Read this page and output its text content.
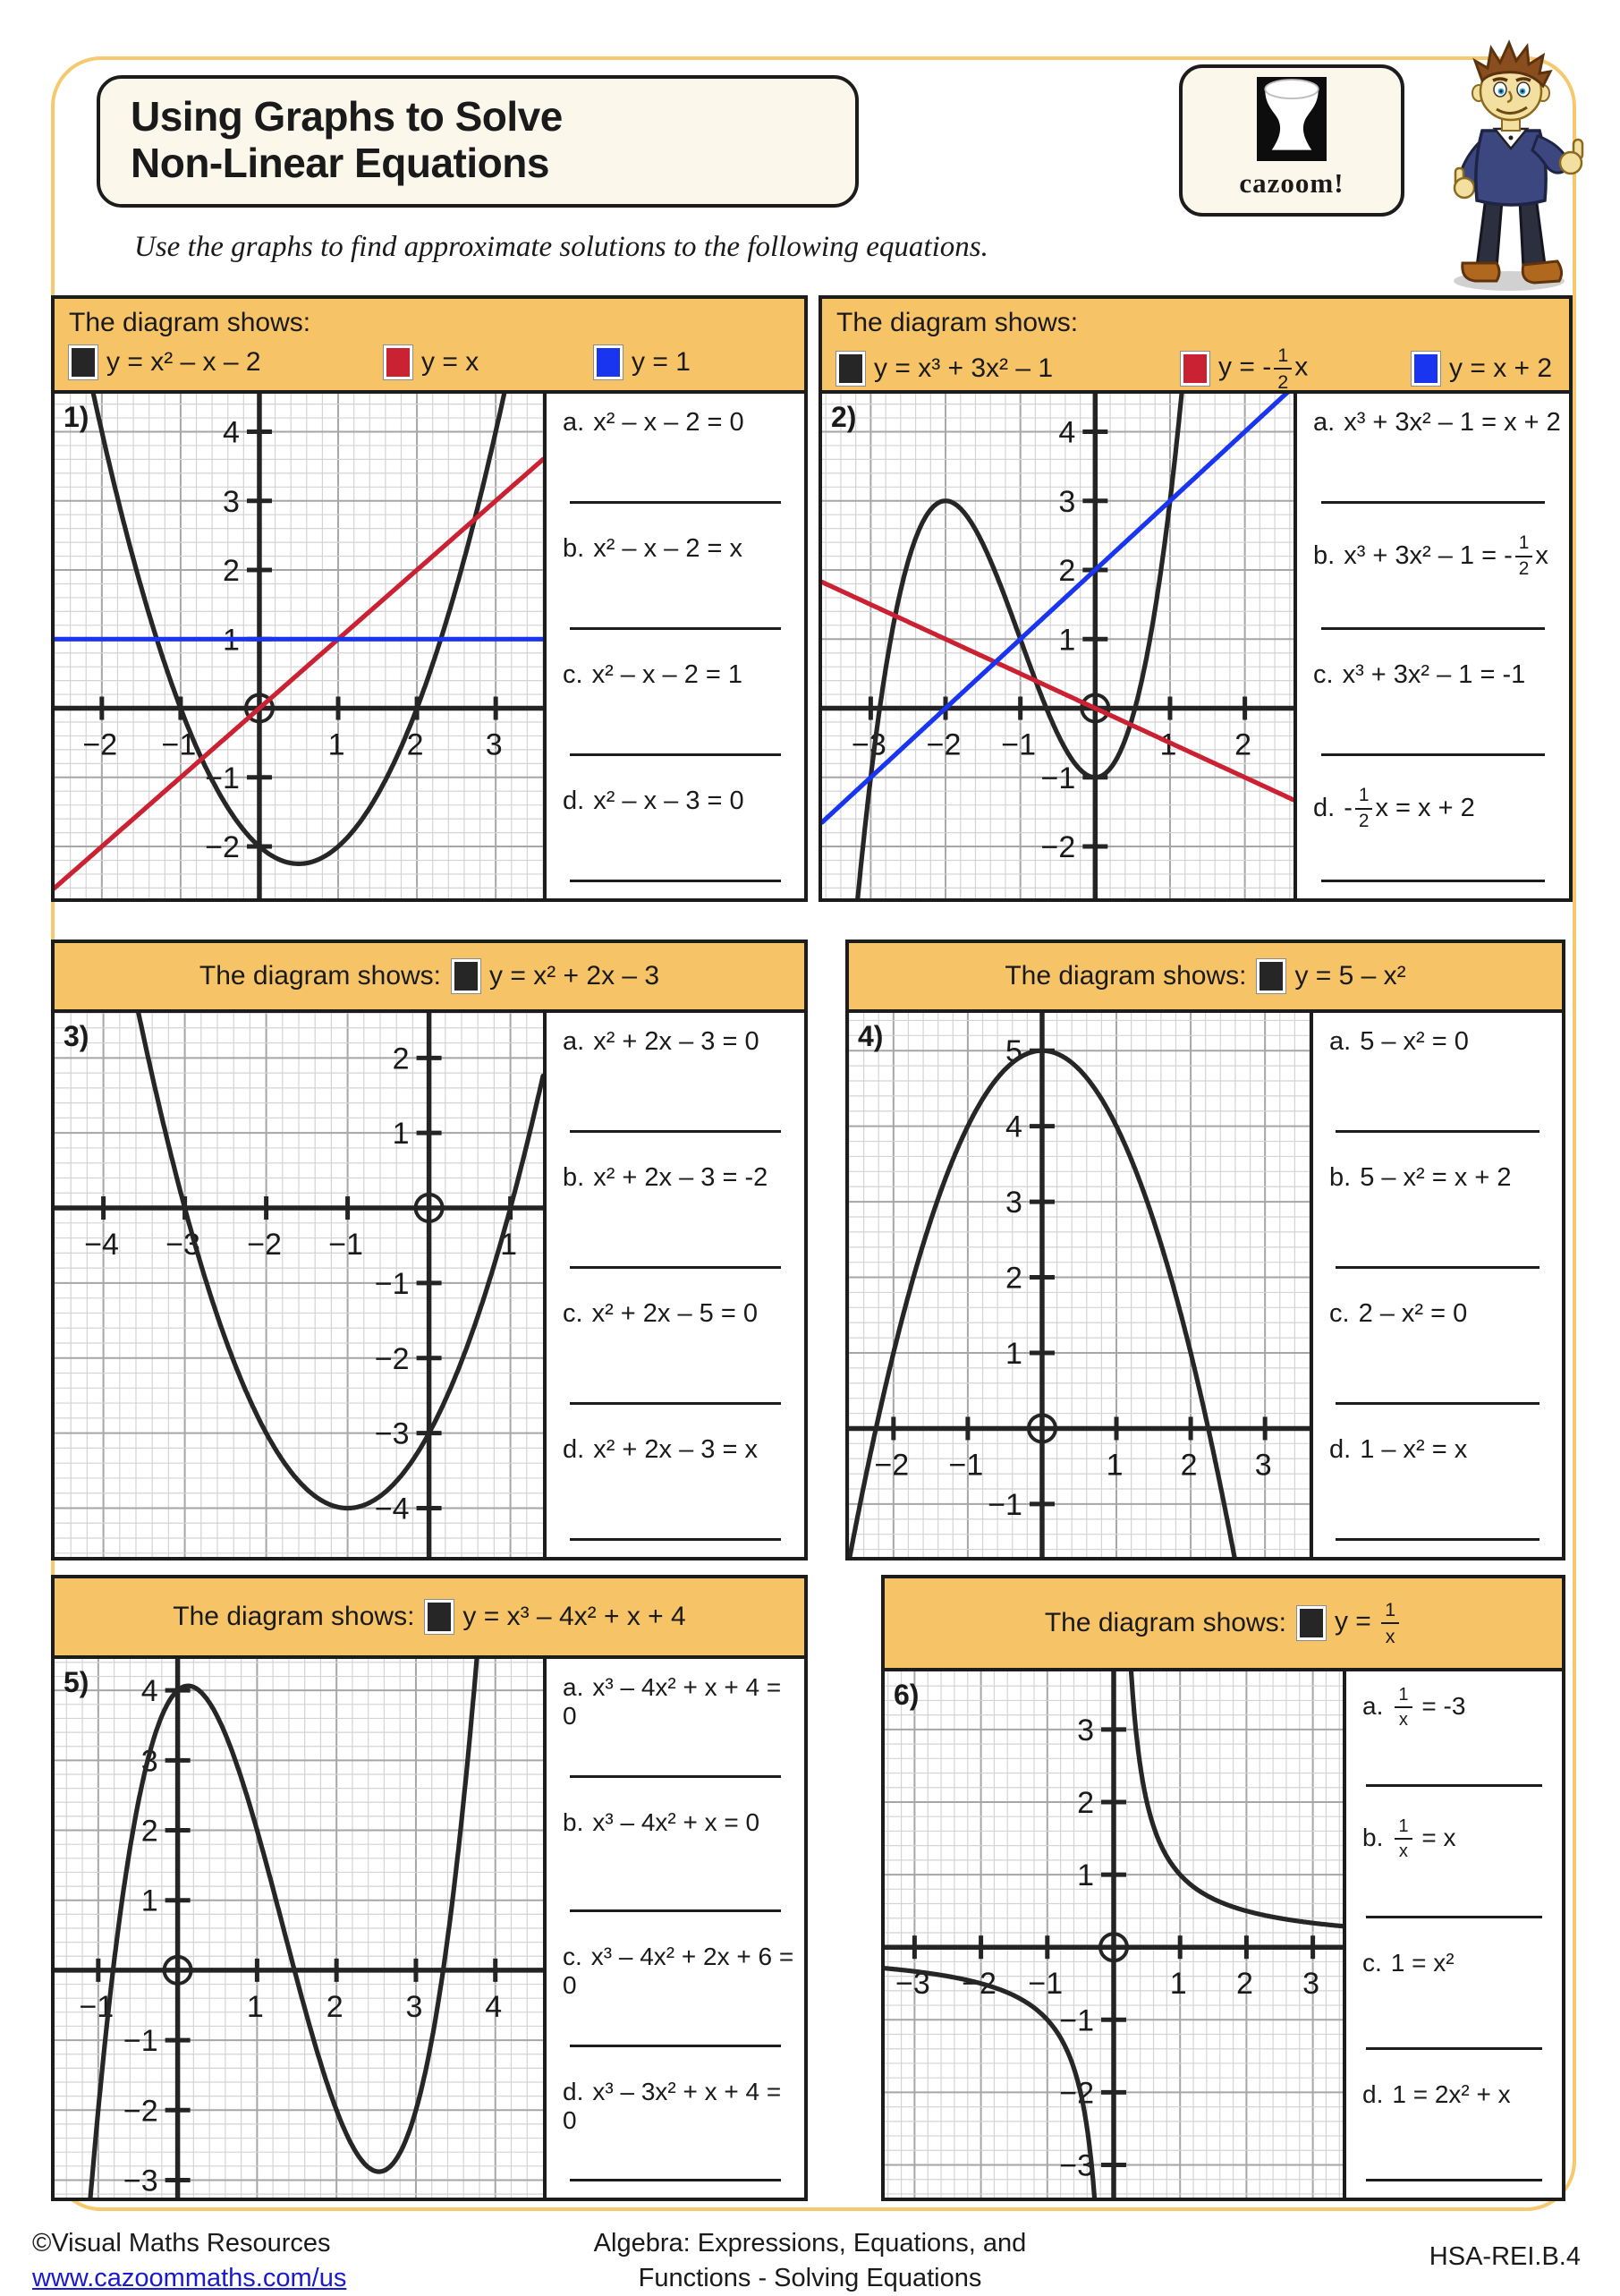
Using Graphs to Solve
Non-Linear Equations	cazoom!
Use the graphs to find approximate solutions to the following equations.
The diagram shows:
y = x² – x – 2	y = x	y = 1
1)
−2 −1	1 2 3
−2
−1
1
2
3
4	a. x² – x – 2 = 0
b. x² – x – 2 = x
c. x² – x – 2 = 1
d. x² – x – 3 = 0
The diagram shows:
y = x³ + 3x² – 1	y = - $\frac{1}{2}$ x	y = x + 2
2)
−3 −2 −1	1 2
−2
−1
1
2
3
4	a. x³ + 3x² – 1 = x + 2
b. x³ + 3x² – 1 = - $\frac{1}{2}$ x
c. x³ + 3x² – 1 = -1
d. - $\frac{1}{2}$ x = x + 2
The diagram shows: y = x² + 2x – 3
3)
−4 −3 −2 −1	1
−4
−3
−2
−1
1
2
a. x² + 2x – 3 = 0
b. x² + 2x – 3 = -2
c. x² + 2x – 5 = 0
d. x² + 2x – 3 = x
The diagram shows: y = 5 – x²
4)
−2 −1	1 2 3
−1
1
2
3
4
5	a. 5 – x² = 0
b. 5 – x² = x + 2
c. 2 – x² = 0
d. 1 – x² = x
The diagram shows: y = x³ – 4x² + x + 4
5)
−1	1 2 3 4
−3
−2
−1
1
2
3
4	a. x³ – 4x² + x + 4 = 0
b. x³ – 4x² + x = 0
c. x³ – 4x² + 2x + 6 = 0
d. x³ – 3x² + x + 4 = 0
The diagram shows: $y = \frac{1}{x}$
6)
−3 −2 −1	1 2 3
−3
−2
−1
1
2
3
a. $\frac{1}{x} = -3$
b. $\frac{1}{x} = x$
c. 1 = x²
d. 1 = 2x² + x
©Visual Maths Resources
www.cazoommaths.com/us
Algebra: Expressions, Equations, and
Functions - Solving Equations
HSA-REI.B.4
